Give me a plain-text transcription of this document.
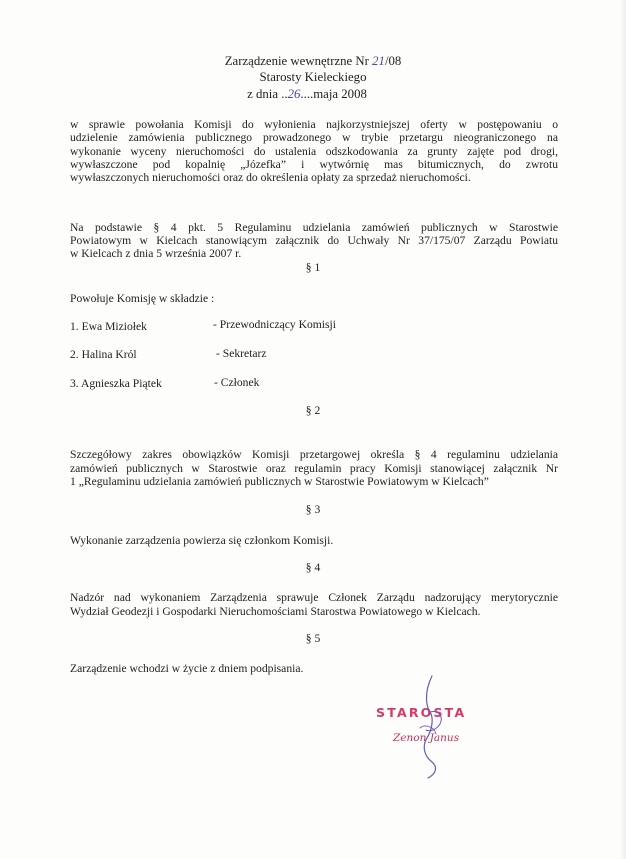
Zarządzenie wewnętrzne Nr 21/08
Starosty Kieleckiego
z dnia ..26....maja 2008
w sprawie powołania Komisji do wyłonienia najkorzystniejszej oferty w postępowaniu o
udzielenie zamówienia publicznego prowadzonego w trybie przetargu nieograniczonego na
wykonanie wyceny nieruchomości do ustalenia odszkodowania za grunty zajęte pod drogi,
wywłaszczone pod kopalnię „Józefka” i wytwórnię mas bitumicznych, do zwrotu
wywłaszczonych nieruchomości oraz do określenia opłaty za sprzedaż nieruchomości.
Na podstawie § 4 pkt. 5 Regulaminu udzielania zamówień publicznych w Starostwie
Powiatowym w Kielcach stanowiącym załącznik do Uchwały Nr 37/175/07 Zarządu Powiatu
w Kielcach z dnia 5 września 2007 r.
§ 1
Powołuje Komisję w składzie :
1. Ewa Miziołek	- Przewodniczący Komisji
2. Halina Król	- Sekretarz
3. Agnieszka Piątek	- Członek
§ 2
Szczegółowy zakres obowiązków Komisji przetargowej określa § 4 regulaminu udzielania
zamówień publicznych w Starostwie oraz regulamin pracy Komisji stanowiącej załącznik Nr
1 „Regulaminu udzielania zamówień publicznych w Starostwie Powiatowym w Kielcach”
§ 3
Wykonanie zarządzenia powierza się członkom Komisji.
§ 4
Nadzór nad wykonaniem Zarządzenia sprawuje Członek Zarządu nadzorujący merytorycznie
Wydział Geodezji i Gospodarki Nieruchomościami Starostwa Powiatowego w Kielcach.
§ 5
Zarządzenie wchodzi w życie z dniem podpisania.
STAROSTA
Zenon Janus
